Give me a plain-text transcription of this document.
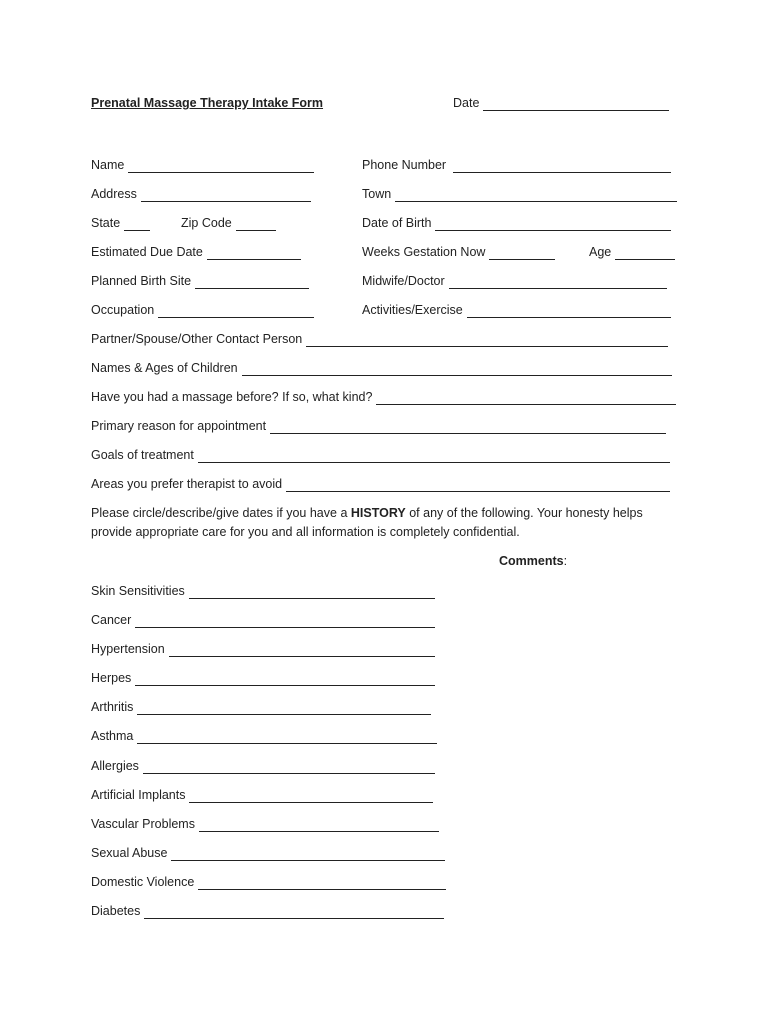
Prenatal Massage Therapy Intake Form	Date
Name	Phone Number
Address	Town
State	Zip Code	Date of Birth
Estimated Due Date	Weeks Gestation Now	Age
Planned Birth Site	Midwife/Doctor
Occupation	Activities/Exercise
Partner/Spouse/Other Contact Person
Names & Ages of Children
Have you had a massage before? If so, what kind?
Primary reason for appointment
Goals of treatment
Areas you prefer therapist to avoid
Please circle/describe/give dates if you have a HISTORY of any of the following. Your honesty helps
provide appropriate care for you and all information is completely confidential.
Comments:
Skin Sensitivities
Cancer
Hypertension
Herpes
Arthritis
Asthma
Allergies
Artificial Implants
Vascular Problems
Sexual Abuse
Domestic Violence
Diabetes
